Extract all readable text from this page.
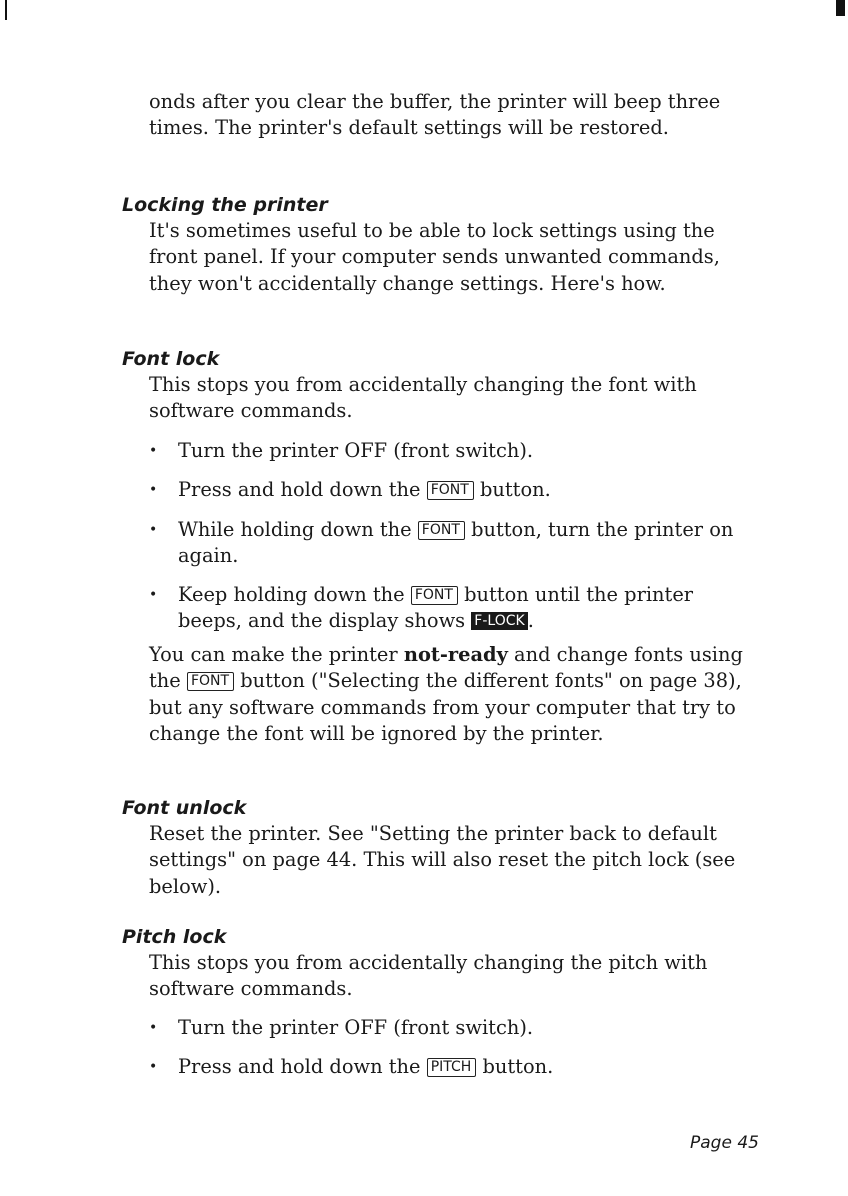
onds after you clear the buffer, the printer will beep three times. The printer's default settings will be restored.

Locking the printer

It's sometimes useful to be able to lock settings using the front panel. If your computer sends unwanted commands, they won't accidentally change settings. Here's how.

Font lock

This stops you from accidentally changing the font with software commands.

•	Turn the printer OFF (front switch).
•	Press and hold down the FONT button.
•	While holding down the FONT button, turn the printer on again.
•	Keep holding down the FONT button until the printer beeps, and the display shows F-LOCK .

You can make the printer not-ready and change fonts using the FONT button ("Selecting the different fonts" on page 38), but any software commands from your computer that try to change the font will be ignored by the printer.

Font unlock

Reset the printer. See "Setting the printer back to default settings" on page 44. This will also reset the pitch lock (see below).

Pitch lock

This stops you from accidentally changing the pitch with software commands.

•	Turn the printer OFF (front switch).
•	Press and hold down the PITCH button.
Page 45
